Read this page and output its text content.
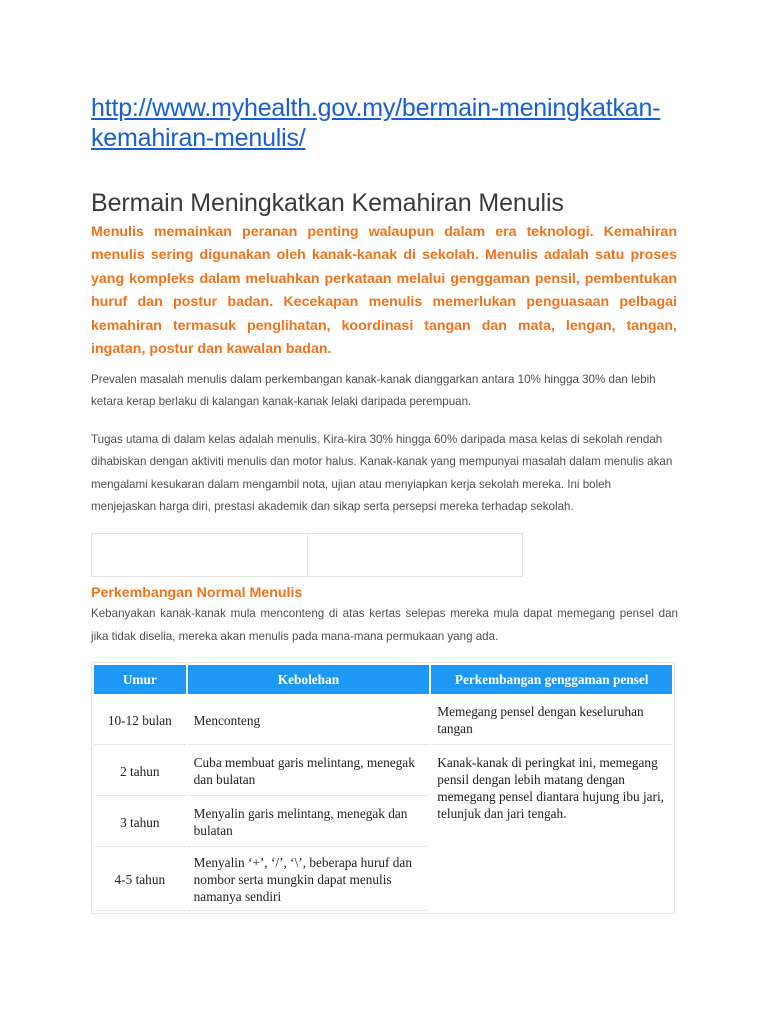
http://www.myhealth.gov.my/bermain-meningkatkan-kemahiran-menulis/
Bermain Meningkatkan Kemahiran Menulis
Menulis memainkan peranan penting walaupun dalam era teknologi. Kemahiran menulis sering digunakan oleh kanak-kanak di sekolah. Menulis adalah satu proses yang kompleks dalam meluahkan perkataan melalui genggaman pensil, pembentukan huruf dan postur badan. Kecekapan menulis memerlukan penguasaan pelbagai kemahiran termasuk penglihatan, koordinasi tangan dan mata, lengan, tangan, ingatan, postur dan kawalan badan.
Prevalen masalah menulis dalam perkembangan kanak-kanak dianggarkan antara 10% hingga 30% dan lebih ketara kerap berlaku di kalangan kanak-kanak lelaki daripada perempuan.
Tugas utama di dalam kelas adalah menulis. Kira-kira 30% hingga 60% daripada masa kelas di sekolah rendah dihabiskan dengan aktiviti menulis dan motor halus. Kanak-kanak yang mempunyai masalah dalam menulis akan mengalami kesukaran dalam mengambil nota, ujian atau menyiapkan kerja sekolah mereka. Ini boleh menjejaskan harga diri, prestasi akademik dan sikap serta persepsi mereka terhadap sekolah.
Perkembangan Normal Menulis
Kebanyakan kanak-kanak mula menconteng di atas kertas selepas mereka mula dapat memegang pensel dan jika tidak diselia, mereka akan menulis pada mana-mana permukaan yang ada.
Umur	Kebolehan	Perkembangan genggaman pensel
10-12 bulan	Menconteng	Memegang pensel dengan keseluruhan tangan
2 tahun	Cuba membuat garis melintang, menegak dan bulatan	Kanak-kanak di peringkat ini, memegang pensil dengan lebih matang dengan memegang pensel diantara hujung ibu jari, telunjuk dan jari tengah.
3 tahun	Menyalin garis melintang, menegak dan bulatan	
4-5 tahun	Menyalin ‘+’, ‘/’, ‘\’, beberapa huruf dan nombor serta mungkin dapat menulis namanya sendiri	
